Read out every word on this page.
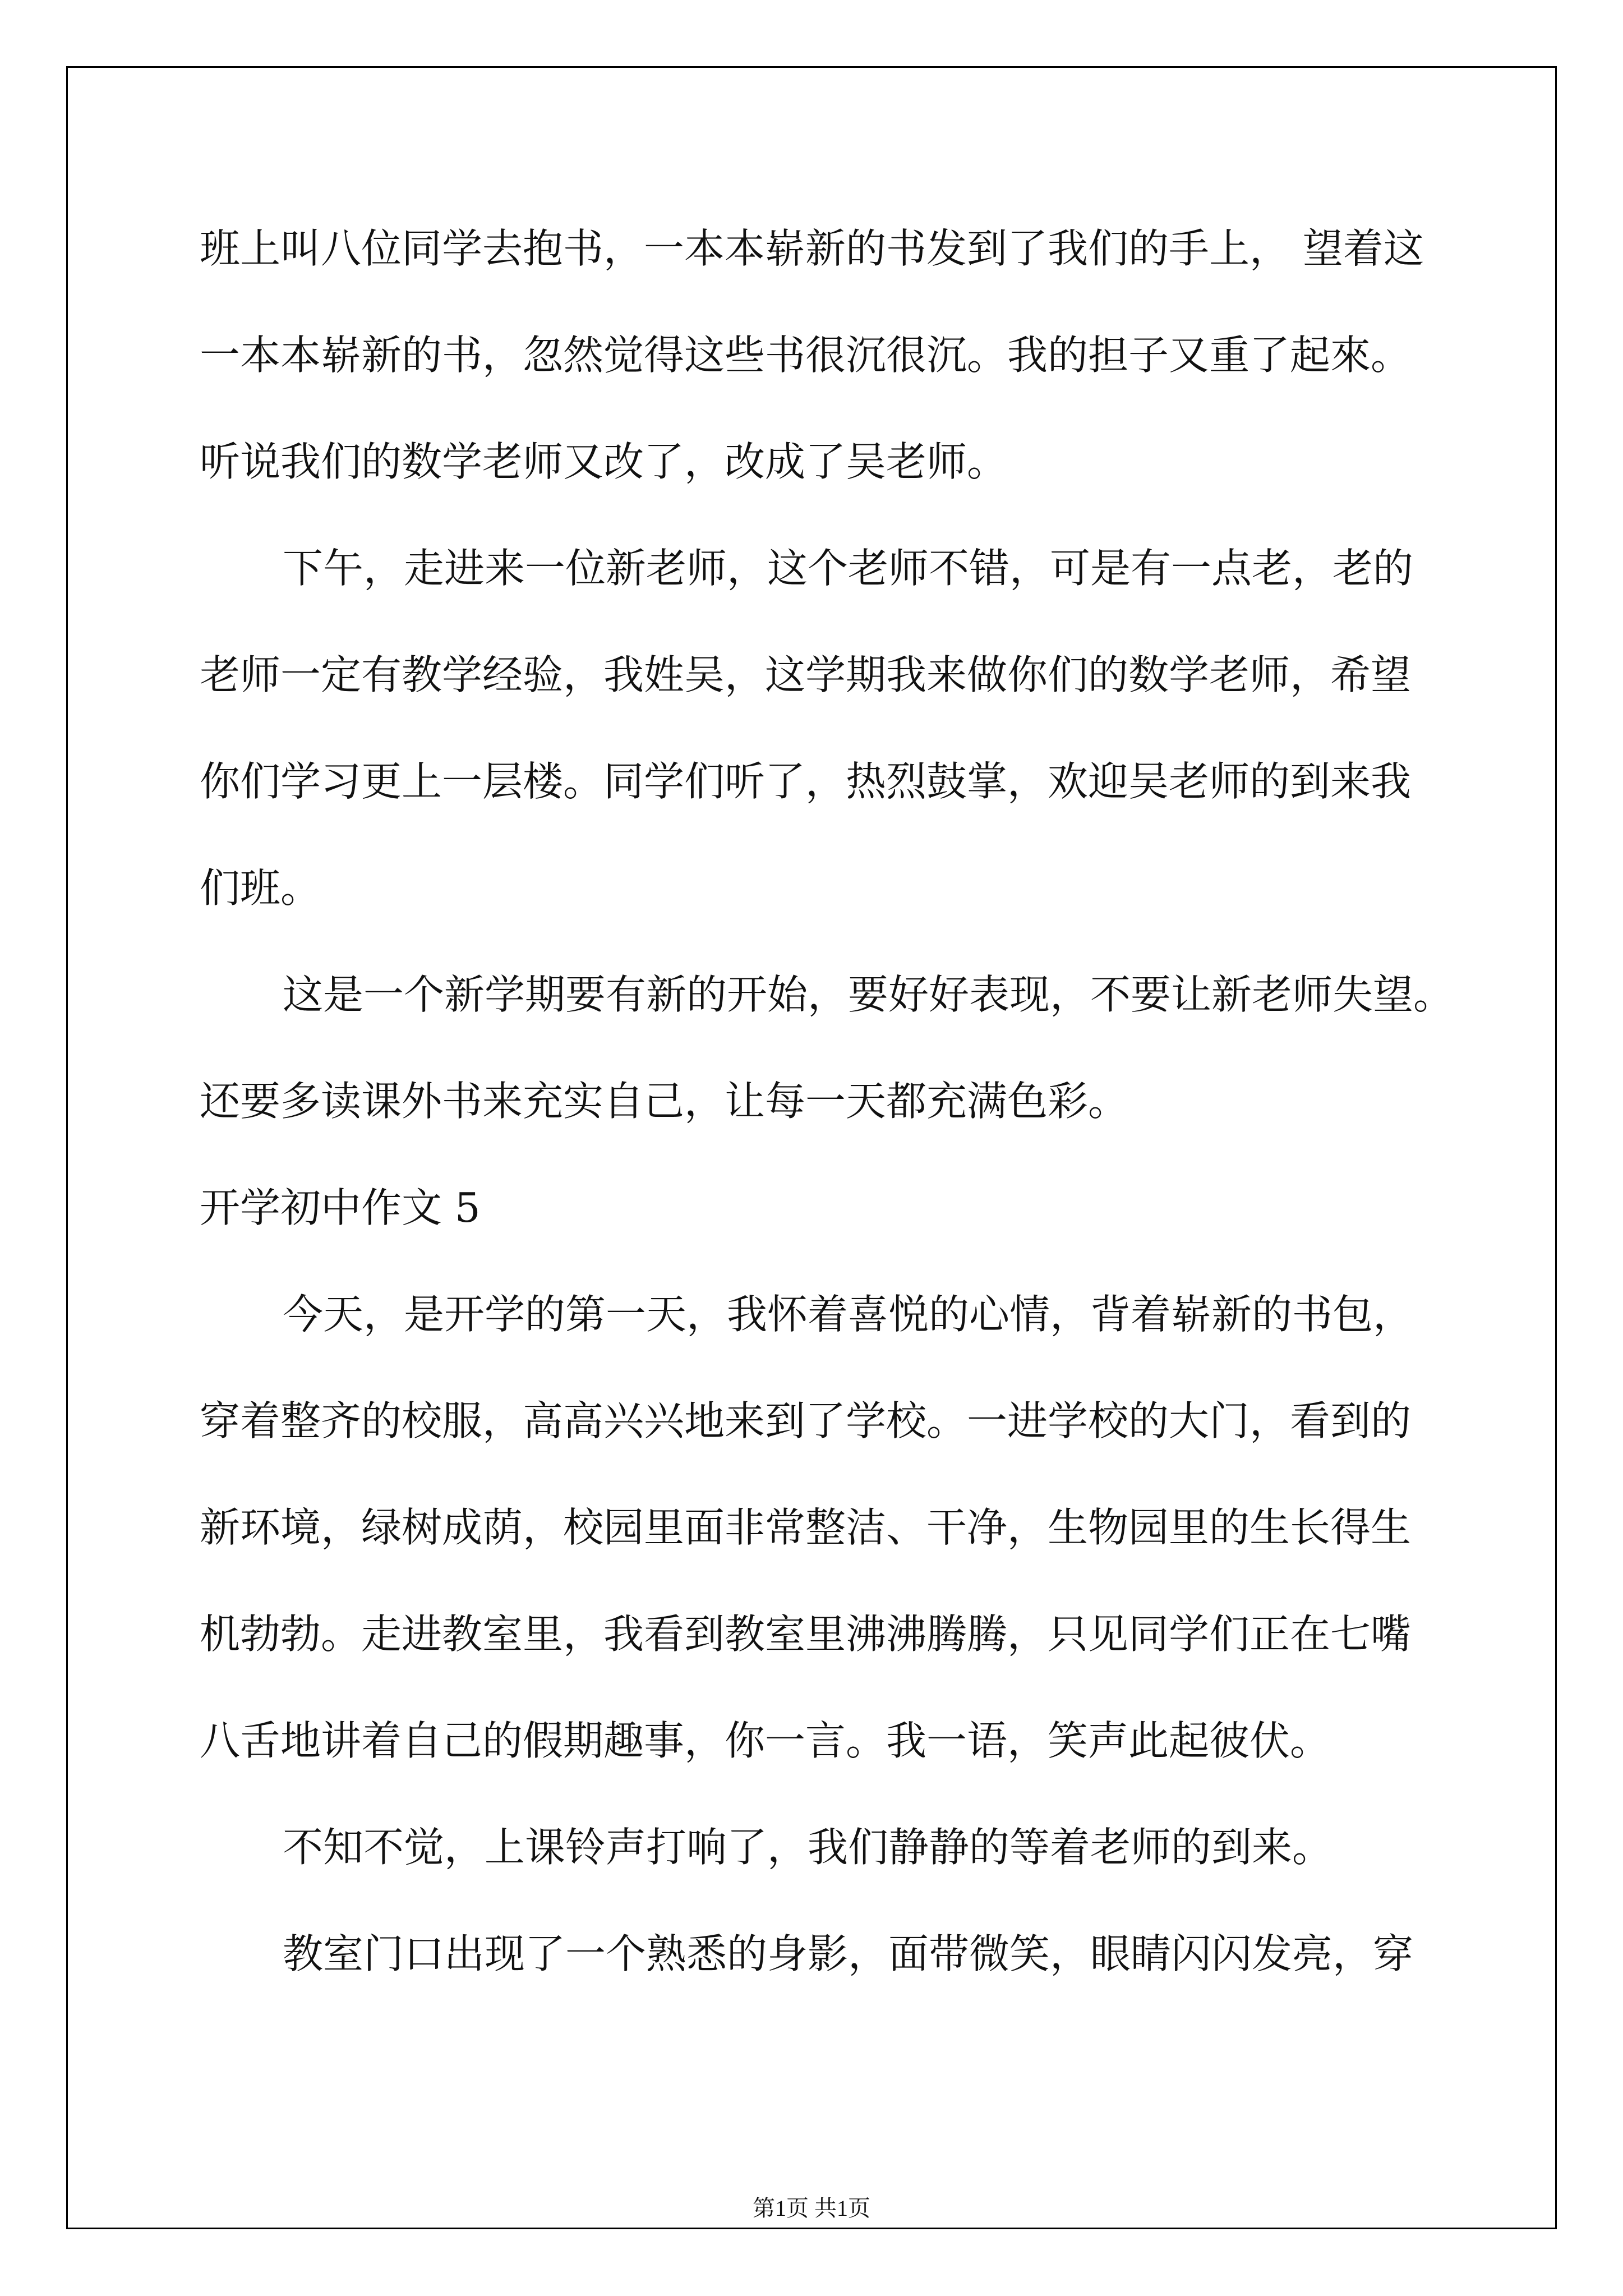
班上叫八位同学去抱书，一本本崭新的书发到了我们的手上， 望着这

一本本崭新的书，忽然觉得这些书很沉很沉。我的担子又重了起來。

听说我们的数学老师又改了，改成了吴老师。

下午，走进来一位新老师，这个老师不错，可是有一点老，老的

老师一定有教学经验，我姓吴，这学期我来做你们的数学老师，希望

你们学习更上一层楼。同学们听了，热烈鼓掌，欢迎吴老师的到来我

们班。

这是一个新学期要有新的开始，要好好表现，不要让新老师失望。

还要多读课外书来充实自己，让每一天都充满色彩。

开学初中作文 5

今天，是开学的第一天，我怀着喜悦的心情，背着崭新的书包，

穿着整齐的校服，高高兴兴地来到了学校。一进学校的大门，看到的

新环境，绿树成荫，校园里面非常整洁、干净，生物园里的生长得生

机勃勃。走进教室里，我看到教室里沸沸腾腾，只见同学们正在七嘴

八舌地讲着自己的假期趣事，你一言。我一语，笑声此起彼伏。

不知不觉，上课铃声打响了，我们静静的等着老师的到来。

教室门口出现了一个熟悉的身影，面带微笑，眼睛闪闪发亮，穿

第1页 共1页
